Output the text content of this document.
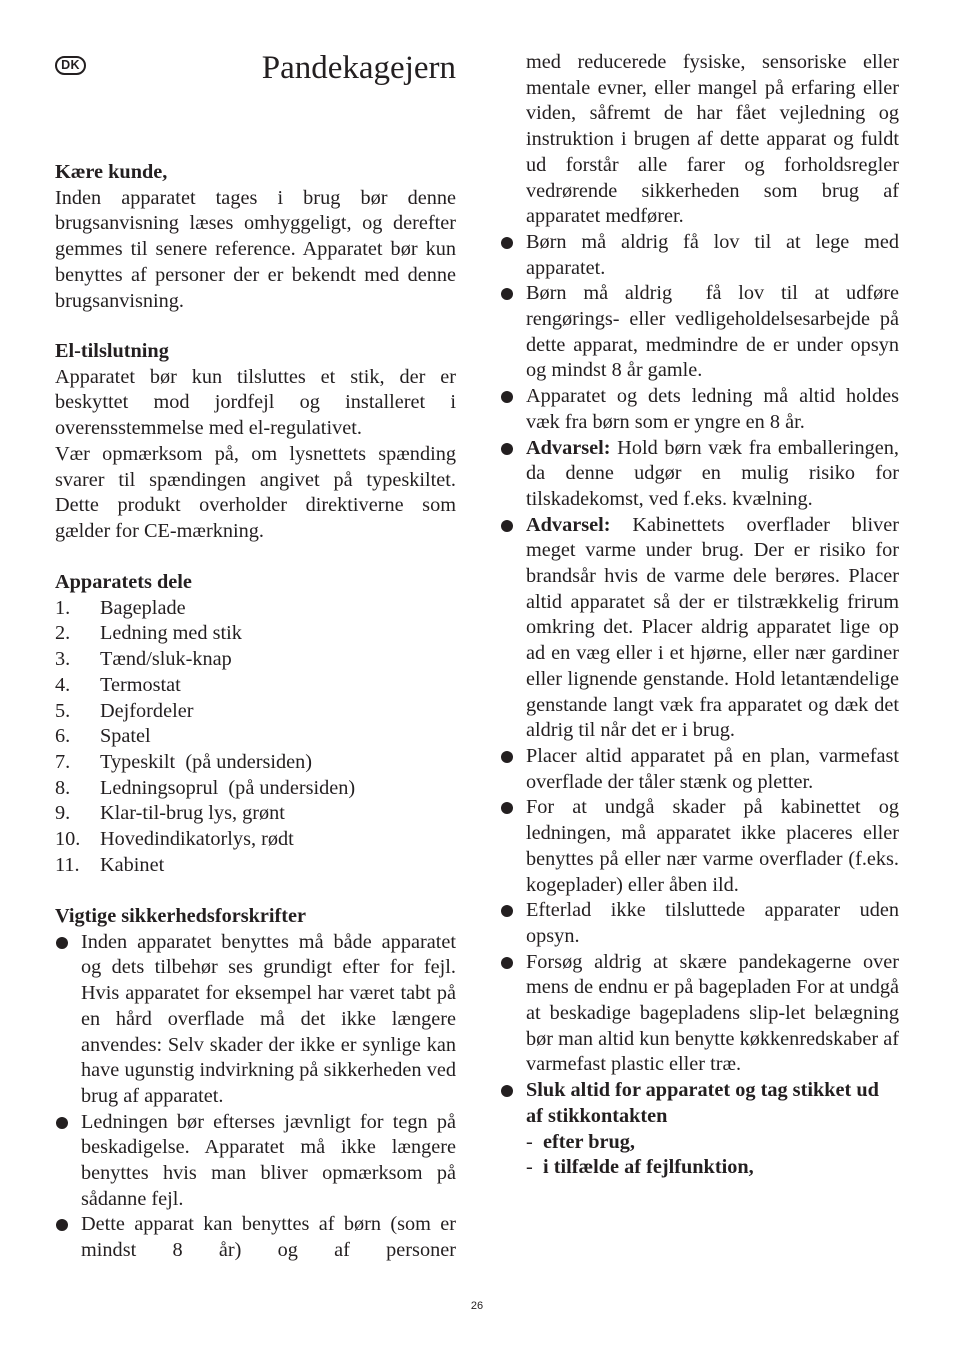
DK	Pandekagejern

Kære kunde,

Inden apparatet tages i brug bør denne brugsanvisning læses omhyggeligt, og derefter gemmes til senere reference. Apparatet bør kun benyttes af personer der er bekendt med denne brugsanvisning.

El-tilslutning

Apparatet bør kun tilsluttes et stik, der er beskyttet mod jordfejl og installeret i overensstemmelse med el-regulativet.

Vær opmærksom på, om lysnettets spænding svarer til spændingen angivet på typeskiltet. Dette produkt overholder direktiverne som gælder for CE-mærkning.

Apparatets dele

1. Bageplade
2. Ledning med stik
3. Tænd/sluk-knap
4. Termostat
5. Dejfordeler
6. Spatel
7. Typeskilt  (på undersiden)
8. Ledningsoprul  (på undersiden)
9. Klar-til-brug lys, grønt
10. Hovedindikatorlys, rødt
11. Kabinet

Vigtige sikkerhedsforskrifter

Inden apparatet benyttes må både apparatet og dets tilbehør ses grundigt efter for fejl. Hvis apparatet for eksempel har været tabt på en hård overflade må det ikke længere anvendes: Selv skader der ikke er synlige kan have ugunstig indvirkning på sikkerheden ved brug af apparatet.
Ledningen bør efterses jævnligt for tegn på beskadigelse. Apparatet må ikke længere benyttes hvis man bliver opmærksom på sådanne fejl.
Dette apparat kan benyttes af børn (som er mindst 8 år) og af personer
med reducerede fysiske, sensoriske eller mentale evner, eller mangel på erfaring eller viden, såfremt de har fået vejledning og instruktion i brugen af dette apparat og fuldt ud forstår alle farer og forholdsregler vedrørende sikkerheden som brug af apparatet medfører.
Børn må aldrig få lov til at lege med apparatet.
Børn må aldrig  få lov til at udføre rengørings- eller vedligeholdelsesarbejde på dette apparat, medmindre de er under opsyn og mindst 8 år gamle.
Apparatet og dets ledning må altid holdes væk fra børn som er yngre en 8 år.
Advarsel: Hold børn væk fra emballeringen, da denne udgør en mulig risiko for tilskadekomst, ved f.eks. kvælning.
Advarsel: Kabinettets overflader bliver meget varme under brug. Der er risiko for brandsår hvis de varme dele berøres. Placer altid apparatet så der er tilstrækkelig frirum omkring det. Placer aldrig apparatet lige op ad en væg eller i et hjørne, eller nær gardiner eller lignende genstande. Hold letantændelige genstande langt væk fra apparatet og dæk det aldrig til når det er i brug.
Placer altid apparatet på en plan, varmefast overflade der tåler stænk og pletter.
For at undgå skader på kabinettet og ledningen, må apparatet ikke placeres eller benyttes på eller nær varme overflader (f.eks. kogeplader) eller åben ild.
Efterlad ikke tilsluttede apparater uden opsyn.
Forsøg aldrig at skære pandekagerne over mens de endnu er på bagepladen For at undgå at beskadige bagepladens slip-let belægning bør man altid kun benytte køkkenredskaber af varmefast plastic eller træ.
Sluk altid for apparatet og tag stikket ud af stikkontakten
- efter brug,
- i tilfælde af fejlfunktion,
26
